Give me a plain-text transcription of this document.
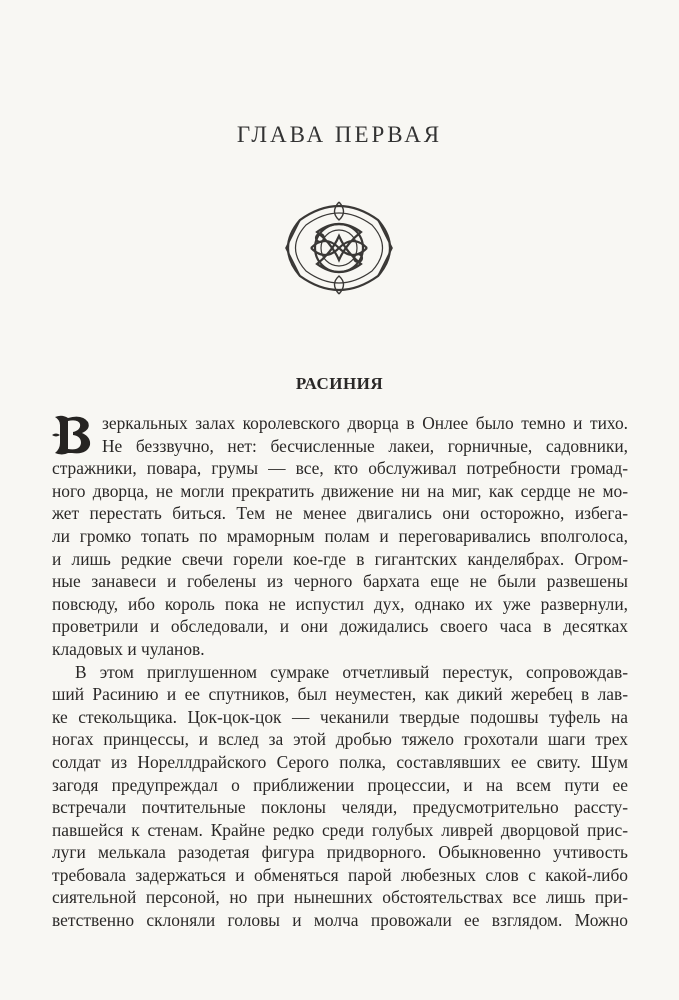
ГЛАВА ПЕРВАЯ
РАСИНИЯ
зеркальных залах королевского дворца в Онлее было темно и тихо.
Не беззвучно, нет: бесчисленные лакеи, горничные, садовники,
стражники, повара, грумы — все, кто обслуживал потребности громад-
ного дворца, не могли прекратить движение ни на миг, как сердце не мо-
жет перестать биться. Тем не менее двигались они осторожно, избега-
ли громко топать по мраморным полам и переговаривались вполголоса,
и лишь редкие свечи горели кое-где в гигантских канделябрах. Огром-
ные занавеси и гобелены из черного бархата еще не были развешены
повсюду, ибо король пока не испустил дух, однако их уже развернули,
проветрили и обследовали, и они дожидались своего часа в десятках
кладовых и чуланов.
В этом приглушенном сумраке отчетливый перестук, сопровождав-
ший Расинию и ее спутников, был неуместен, как дикий жеребец в лав-
ке стекольщика. Цок-цок-цок — чеканили твердые подошвы туфель на
ногах принцессы, и вслед за этой дробью тяжело грохотали шаги трех
солдат из Нореллдрайского Серого полка, составлявших ее свиту. Шум
загодя предупреждал о приближении процессии, и на всем пути ее
встречали почтительные поклоны челяди, предусмотрительно рассту-
павшейся к стенам. Крайне редко среди голубых ливрей дворцовой прис-
луги мелькала разодетая фигура придворного. Обыкновенно учтивость
требовала задержаться и обменяться парой любезных слов с какой-либо
сиятельной персоной, но при нынешних обстоятельствах все лишь при-
ветственно склоняли головы и молча провожали ее взглядом. Можно
